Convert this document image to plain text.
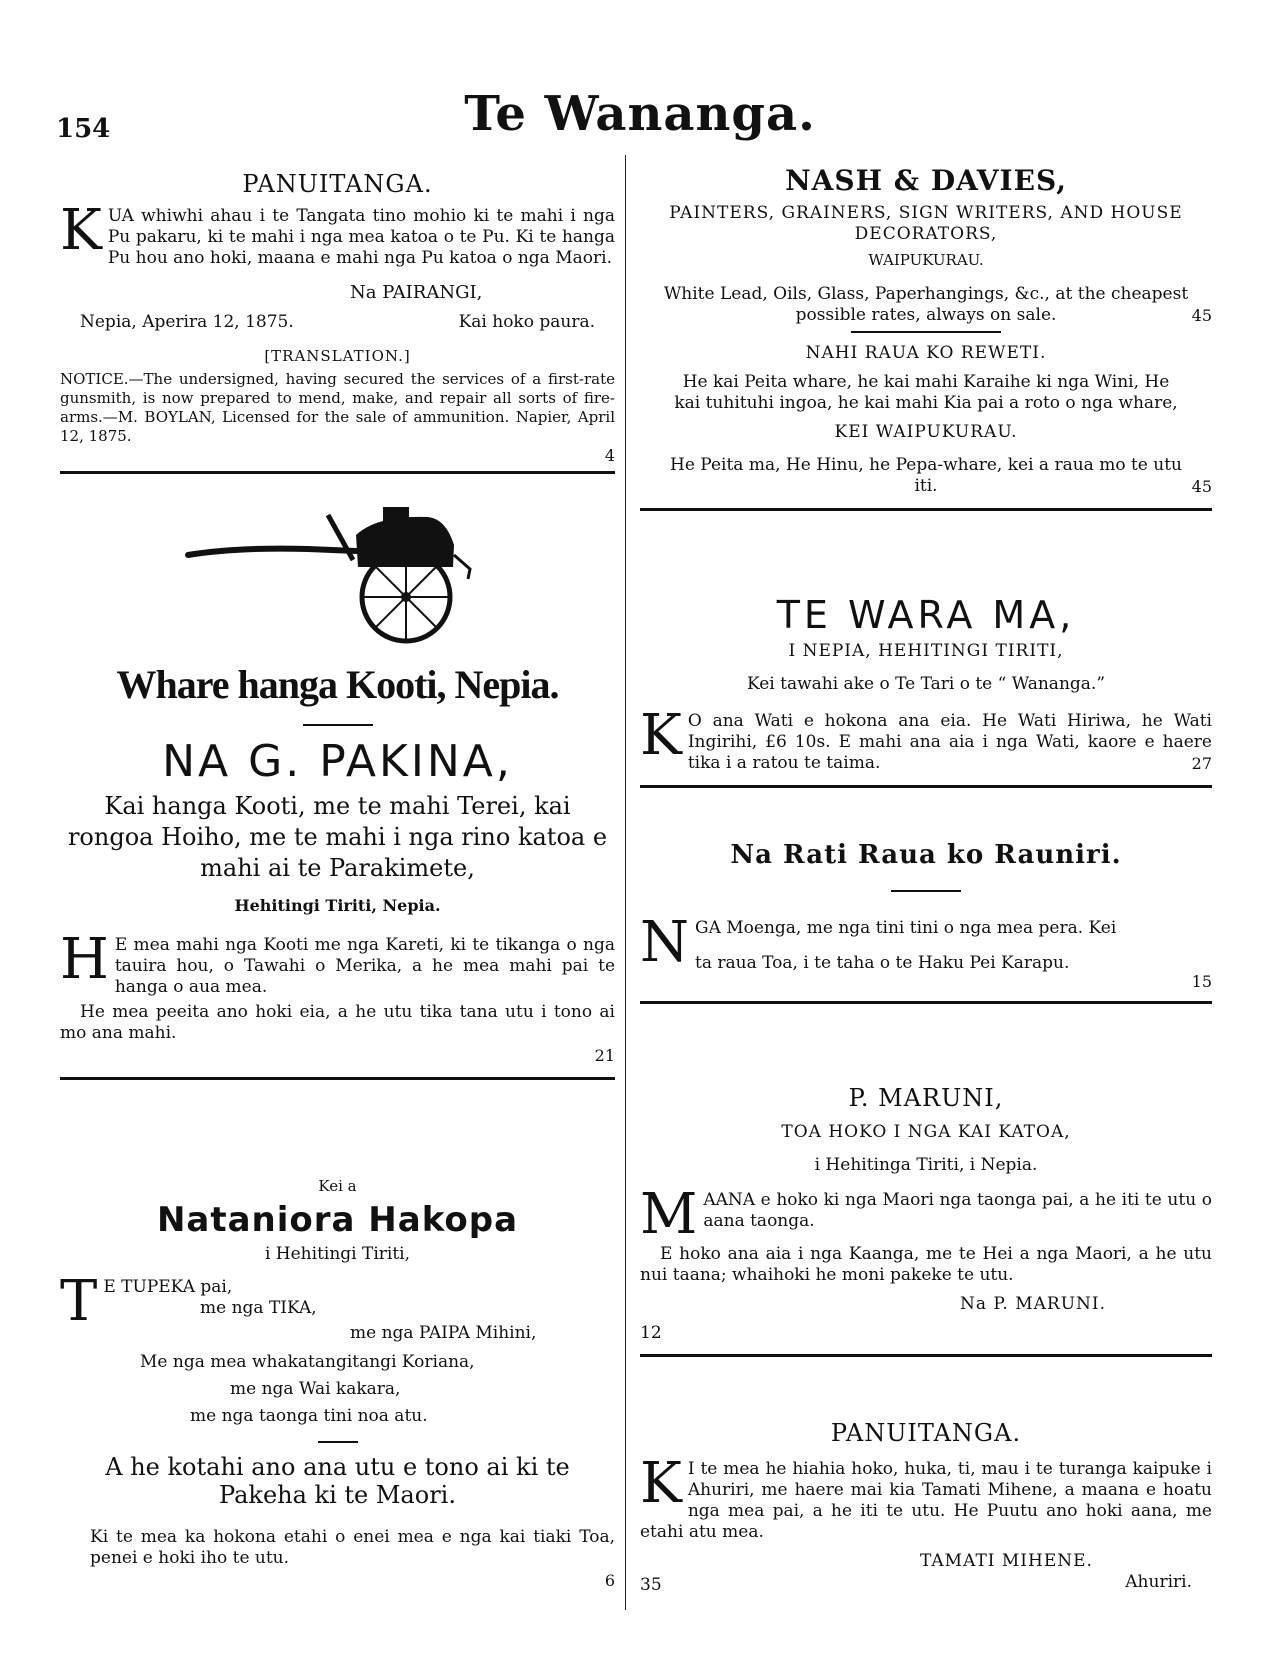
Te Wananga.
154
PANUITANGA.
K UA whiwhi ahau i te Tangata tino mohio ki te mahi i nga Pu pakaru, ki te mahi i nga mea katoa o te Pu. Ki te hanga Pu hou ano hoki, maana e mahi nga Pu katoa o nga Maori.
Na PAIRANGI,
Nepia, Aperira 12, 1875.	Kai hoko paura.
[TRANSLATION.]
NOTICE.—The undersigned, having secured the services of a first-rate gunsmith, is now prepared to mend, make, and repair all sorts of fire-arms.—M. BOYLAN, Licensed for the sale of ammunition. Napier, April 12, 1875.
4
Whare hanga Kooti, Nepia.
NA G. PAKINA,
Kai hanga Kooti, me te mahi Terei, kai rongoa Hoiho, me te mahi i nga rino katoa e mahi ai te Parakimete,
Hehitingi Tiriti, Nepia.
H E mea mahi nga Kooti me nga Kareti, ki te tikanga o nga tauira hou, o Tawahi o Merika, a he mea mahi pai te hanga o aua mea.
He mea peeita ano hoki eia, a he utu tika tana utu i tono ai mo ana mahi.
21
Kei a
Nataniora Hakopa
i Hehitingi Tiriti,
T E TUPEKA pai,
me nga TIKA,
me nga PAIPA Mihini,
Me nga mea whakatangitangi Koriana,
me nga Wai kakara,
me nga taonga tini noa atu.
A he kotahi ano ana utu e tono ai ki te Pakeha ki te Maori.
Ki te mea ka hokona etahi o enei mea e nga kai tiaki Toa, penei e hoki iho te utu.
6
NASH & DAVIES,
PAINTERS, GRAINERS, SIGN WRITERS, AND HOUSE DECORATORS,
WAIPUKURAU.
White Lead, Oils, Glass, Paperhangings, &c., at the cheapest possible rates, always on sale.	45
NAHI RAUA KO REWETI.
He kai Peita whare, he kai mahi Karaihe ki nga Wini, He kai tuhituhi ingoa, he kai mahi Kia pai a roto o nga whare,
KEI WAIPUKURAU.
He Peita ma, He Hinu, he Pepa-whare, kei a raua mo te utu iti.	45
TE WARA MA,
I NEPIA, HEHITINGI TIRITI,
Kei tawahi ake o Te Tari o te “ Wananga.”
K O ana Wati e hokona ana eia. He Wati Hiriwa, he Wati Ingirihi, £6 10s. E mahi ana aia i nga Wati, kaore e haere tika i a ratou te taima.	27
Na Rati Raua ko Rauniri.
N GA Moenga, me nga tini tini o nga mea pera. Kei
ta raua Toa, i te taha o te Haku Pei Karapu.
15
P. MARUNI,
TOA HOKO I NGA KAI KATOA,
i Hehitinga Tiriti, i Nepia.
M AANA e hoko ki nga Maori nga taonga pai, a he iti te utu o aana taonga.
E hoko ana aia i nga Kaanga, me te Hei a nga Maori, a he utu nui taana; whaihoki he moni pakeke te utu.
Na P. MARUNI.
12
PANUITANGA.
K I te mea he hiahia hoko, huka, ti, mau i te turanga kaipuke i Ahuriri, me haere mai kia Tamati Mihene, a maana e hoatu nga mea pai, a he iti te utu. He Puutu ano hoki aana, me etahi atu mea.
TAMATI MIHENE.
Ahuriri.
35
